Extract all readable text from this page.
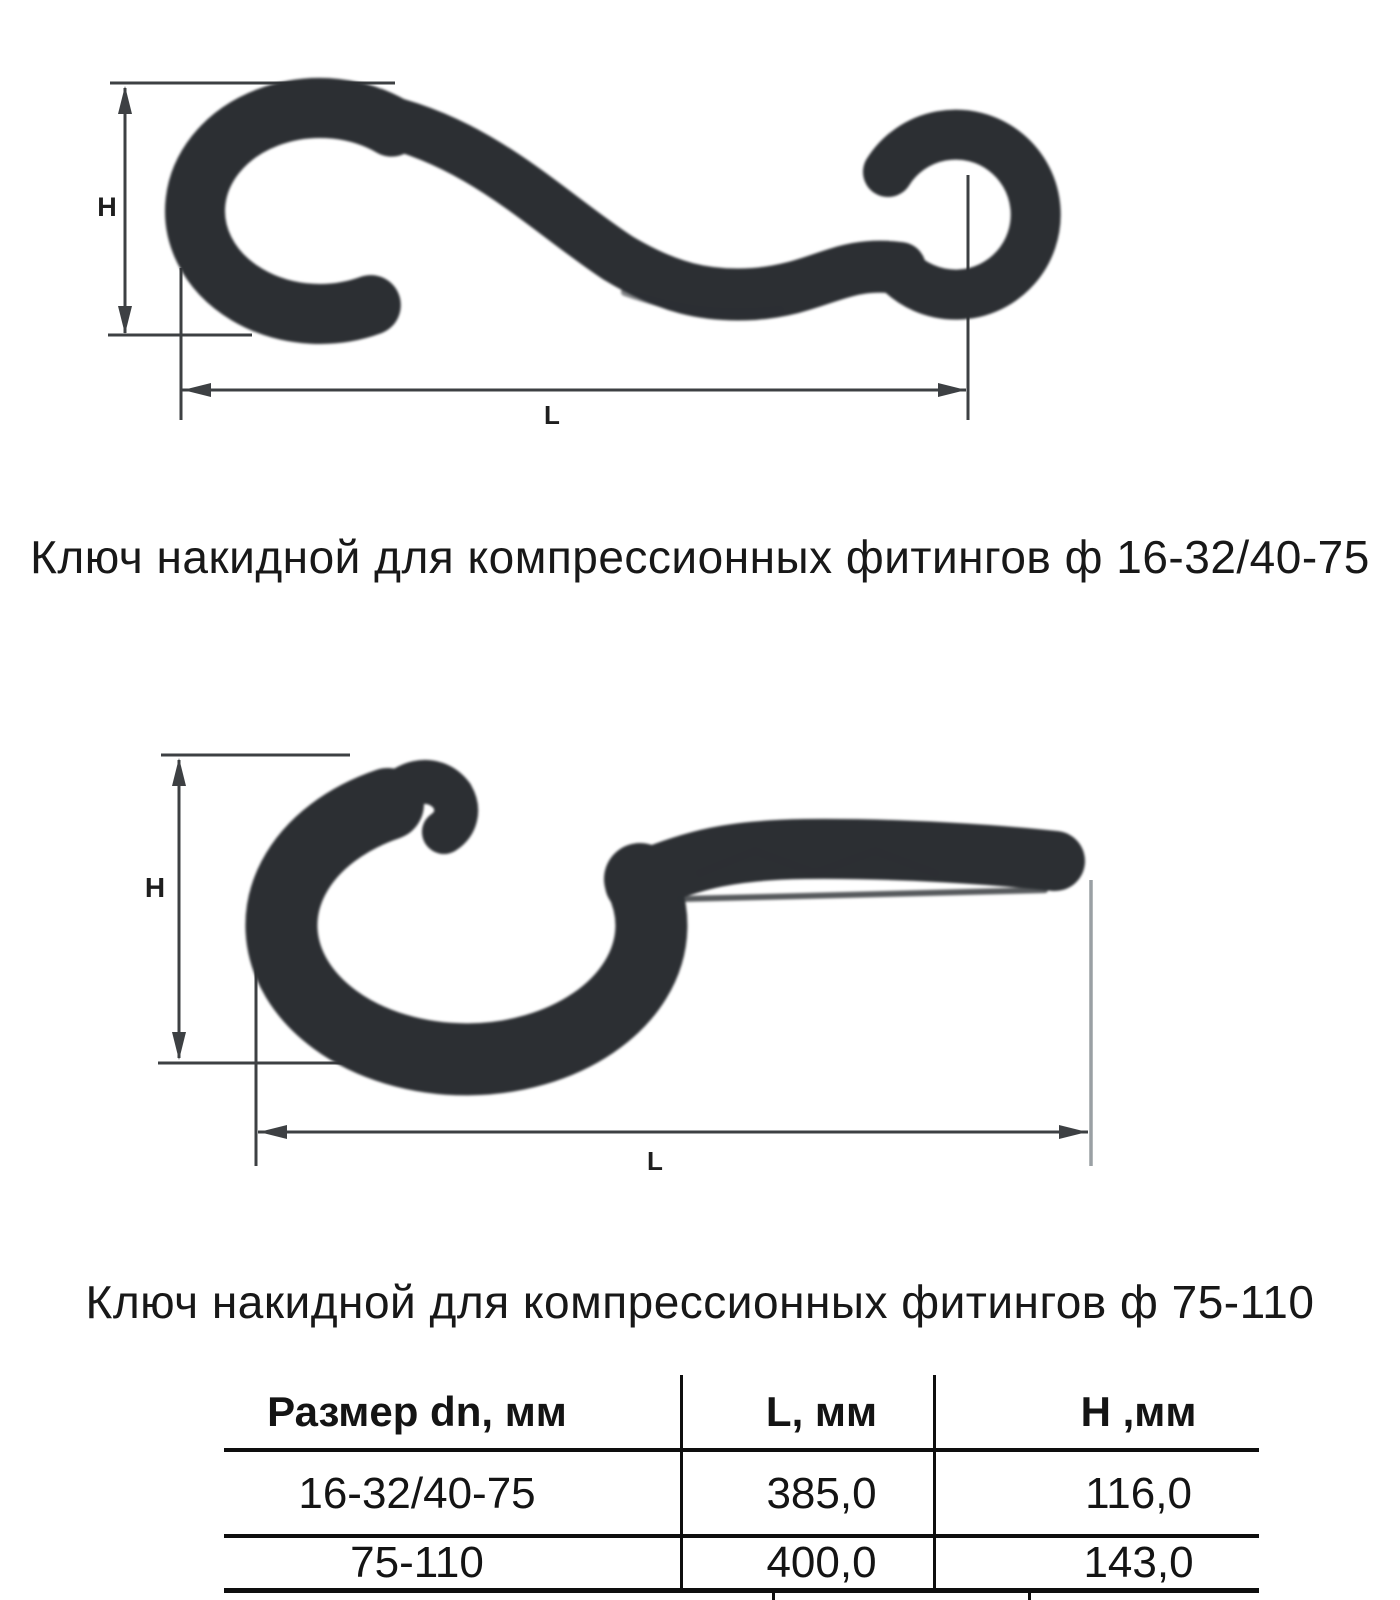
H
L
H
L
Ключ накидной для компрессионных фитингов ф 16-32/40-75
Ключ накидной для компрессионных фитингов ф 75-110
Размер dn, мм	L, мм	H ,мм
16-32/40-75	385,0	116,0
75-110	400,0	143,0
